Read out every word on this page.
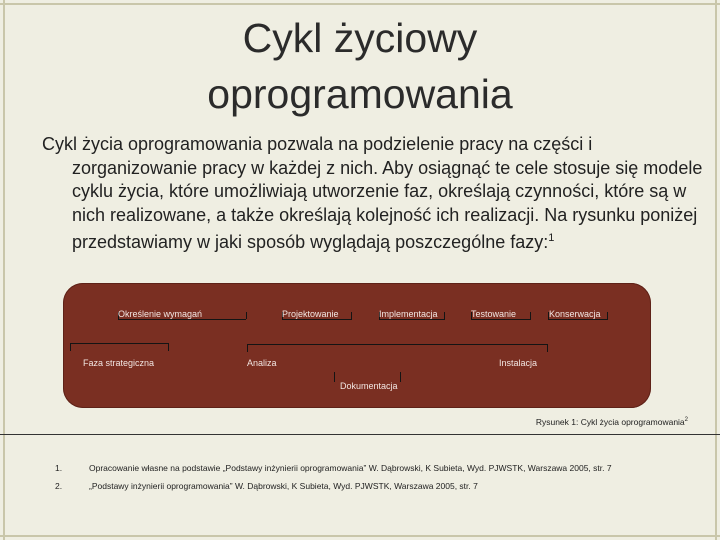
Cykl życiowy
oprogramowania

Cykl życia oprogramowania pozwala na podzielenie pracy na części i zorganizowanie pracy w każdej z nich. Aby osiągnąć te cele stosuje się modele cyklu życia, które umożliwiają utworzenie faz, określają czynności, które są w nich realizowane, a także określają kolejność ich realizacji. Na rysunku poniżej przedstawiamy w jaki sposób wyglądają poszczególne fazy:$^1$

Określenie wymagań	Projektowanie	Implementacja	Testowanie	Konserwacja
Faza strategiczna	Analiza	Instalacja
Dokumentacja
Rysunek 1: Cykl życia oprogramowania$^2$
1.	Opracowanie własne na podstawie „Podstawy inżynierii oprogramowania” W. Dąbrowski, K Subieta, Wyd. PJWSTK, Warszawa 2005, str. 7
2.	„Podstawy inżynierii oprogramowania” W. Dąbrowski, K Subieta, Wyd. PJWSTK, Warszawa 2005, str. 7
